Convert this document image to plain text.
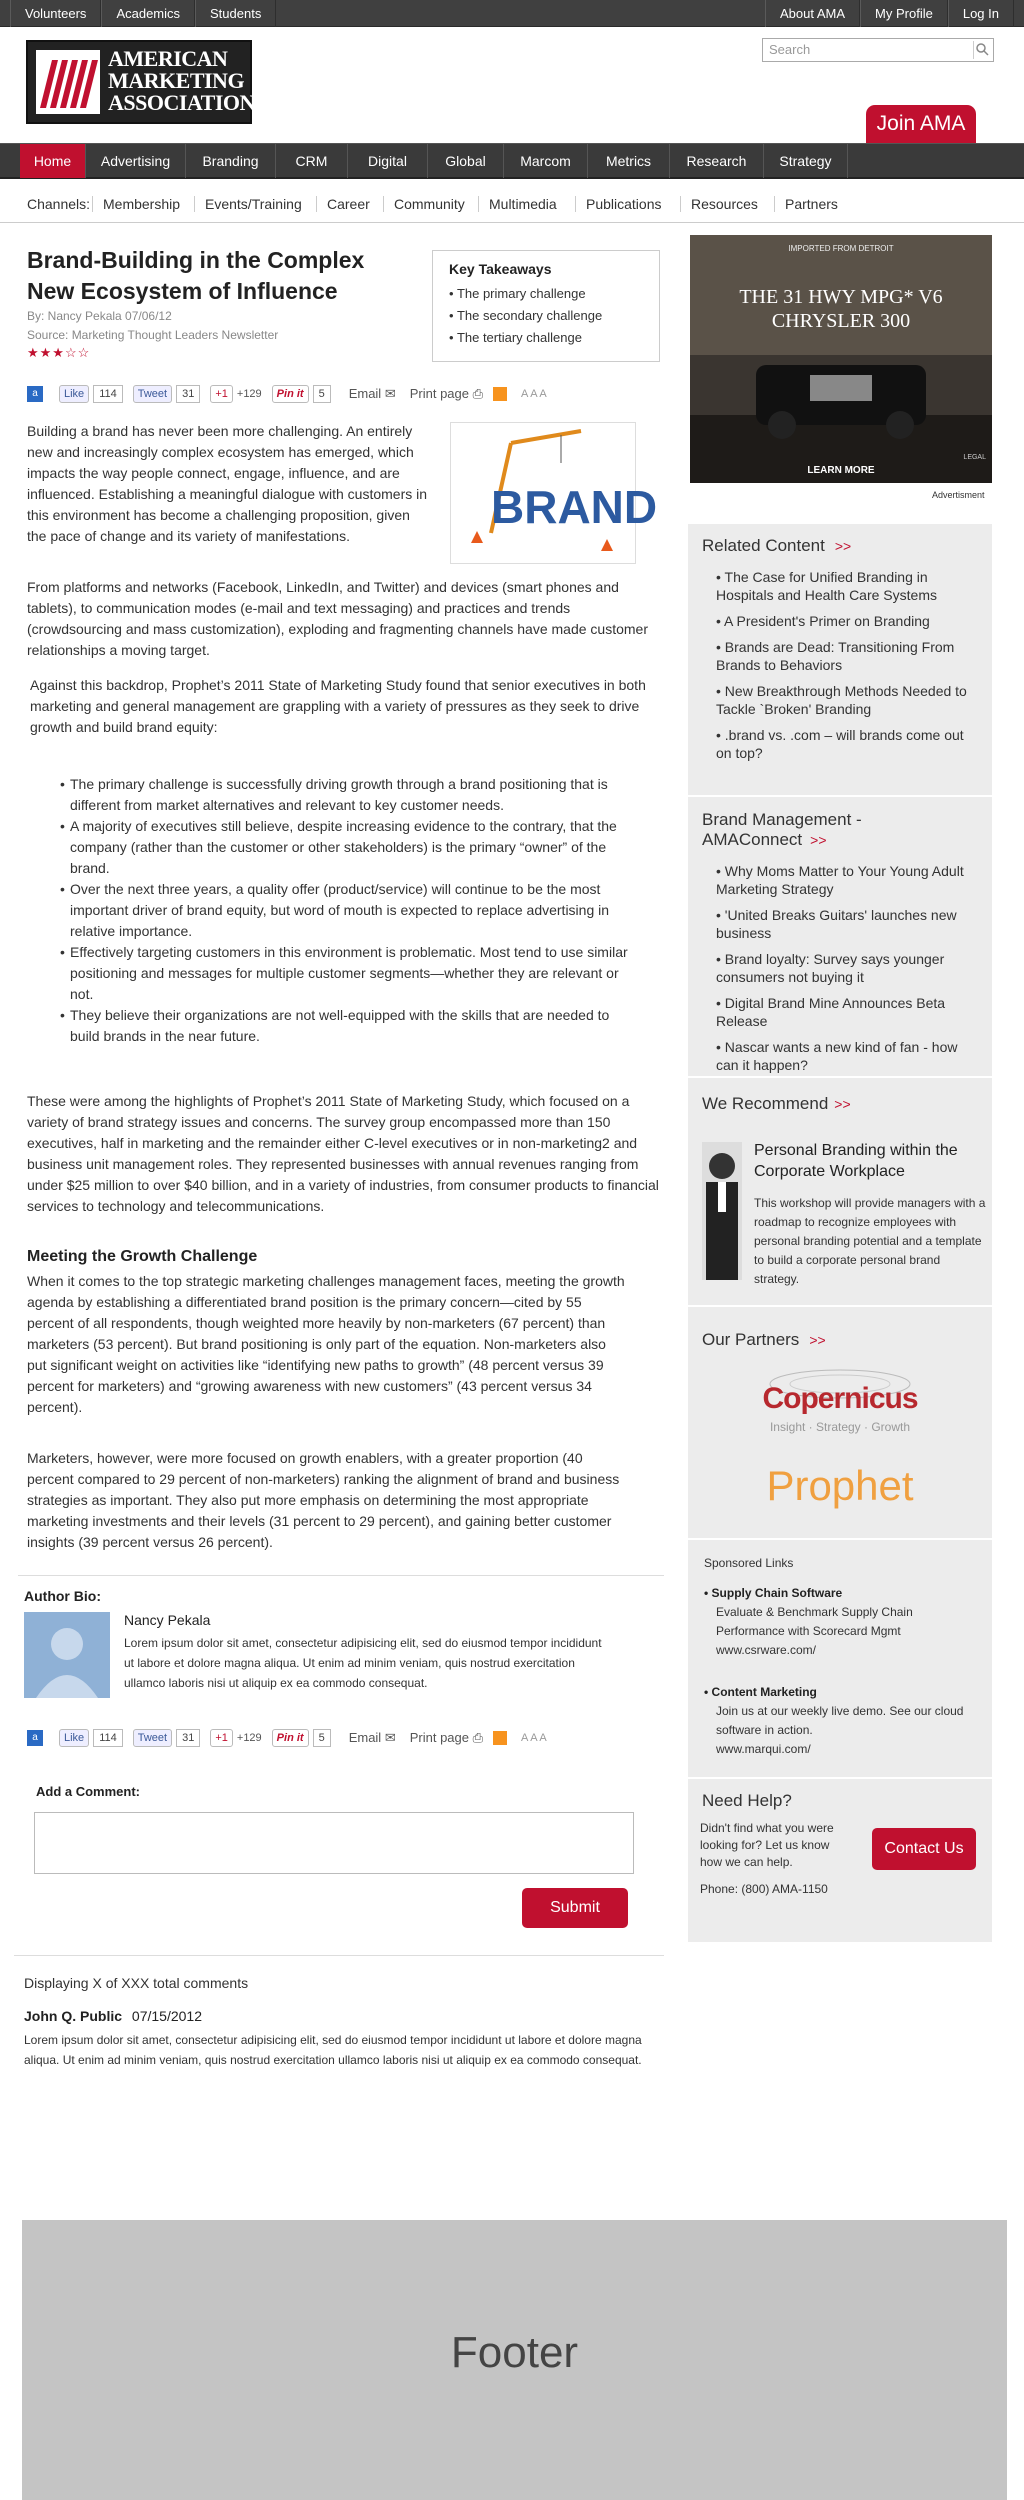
Volunteers	Academics	Students	About AMA	My Profile	Log In
AMERICAN
MARKETING
ASSOCIATION
Search
Join AMA
Home	Advertising	Branding	CRM	Digital	Global	Marcom	Metrics	Research	Strategy
Channels: Membership	Events/Training	Career	Community	Multimedia	Publications	Resources	Partners
Brand-Building in the Complex New Ecosystem of Influence
By: Nancy Pekala 07/06/12
Source: Marketing Thought Leaders Newsletter
★★★☆☆
Key Takeaways
• The primary challenge
• The secondary challenge
• The tertiary challenge
a	Like	114	Tweet	31	+1 +129	Pin it	5	Email ✉ Print page ⎙	A A A

Building a brand has never been more challenging. An entirely new and increasingly complex ecosystem has emerged, which impacts the way people connect, engage, influence, and are influenced. Establishing a meaningful dialogue with customers in this environment has become a challenging proposition, given the pace of change and its variety of manifestations.

BRAND

From platforms and networks (Facebook, LinkedIn, and Twitter) and devices (smart phones and tablets), to communication modes (e-mail and text messaging) and practices and trends (crowdsourcing and mass customization), exploding and fragmenting channels have made customer relationships a moving target.

Against this backdrop, Prophet’s 2011 State of Marketing Study found that senior executives in both marketing and general management are grappling with a variety of pressures as they seek to drive growth and build brand equity:

• The primary challenge is successfully driving growth through a brand positioning that is different from market alternatives and relevant to key customer needs.
• A majority of executives still believe, despite increasing evidence to the contrary, that the company (rather than the customer or other stakeholders) is the primary “owner” of the brand.
• Over the next three years, a quality offer (product/service) will continue to be the most important driver of brand equity, but word of mouth is expected to replace advertising in relative importance.
• Effectively targeting customers in this environment is problematic. Most tend to use similar positioning and messages for multiple customer segments—whether they are relevant or not.
• They believe their organizations are not well-equipped with the skills that are needed to build brands in the near future.

These were among the highlights of Prophet’s 2011 State of Marketing Study, which focused on a variety of brand strategy issues and concerns. The survey group encompassed more than 150 executives, half in marketing and the remainder either C-level executives or in non-marketing2 and business unit management roles. They represented businesses with annual revenues ranging from under $25 million to over $40 billion, and in a variety of industries, from consumer products to financial services to technology and telecommunications.

Meeting the Growth Challenge

When it comes to the top strategic marketing challenges management faces, meeting the growth agenda by establishing a differentiated brand position is the primary concern—cited by 55 percent of all respondents, though weighted more heavily by non-marketers (67 percent) than marketers (53 percent). But brand positioning is only part of the equation. Non-marketers also put significant weight on activities like “identifying new paths to growth” (48 percent versus 39 percent for marketers) and “growing awareness with new customers” (43 percent versus 34 percent).

Marketers, however, were more focused on growth enablers, with a greater proportion (40 percent compared to 29 percent of non-marketers) ranking the alignment of brand and business strategies as important. They also put more emphasis on determining the most appropriate marketing investments and their levels (31 percent to 29 percent), and gaining better customer insights (39 percent versus 26 percent).

Author Bio:
Nancy Pekala

Lorem ipsum dolor sit amet, consectetur adipisicing elit, sed do eiusmod tempor incididunt ut labore et dolore magna aliqua. Ut enim ad minim veniam, quis nostrud exercitation ullamco laboris nisi ut aliquip ex ea commodo consequat.

a	Like	114	Tweet	31	+1 +129	Pin it	5	Email ✉ Print page ⎙	A A A
Add a Comment:
Submit
Displaying X of XXX total comments
John Q. Public 07/15/2012

Lorem ipsum dolor sit amet, consectetur adipisicing elit, sed do eiusmod tempor incididunt ut labore et dolore magna aliqua. Ut enim ad minim veniam, quis nostrud exercitation ullamco laboris nisi ut aliquip ex ea commodo consequat.

IMPORTED FROM DETROIT
THE 31 HWY MPG* V6
CHRYSLER 300
LEARN MORE
LEGAL
Advertisment
Related Content >>
• The Case for Unified Branding in Hospitals and Health Care Systems
• A President's Primer on Branding
• Brands are Dead: Transitioning From Brands to Behaviors
• New Breakthrough Methods Needed to Tackle `Broken' Branding
• .brand vs. .com – will brands come out on top?
Brand Management - AMAConnect >>
• Why Moms Matter to Your Young Adult Marketing Strategy
• 'United Breaks Guitars' launches new business
• Brand loyalty: Survey says younger consumers not buying it
• Digital Brand Mine Announces Beta Release
• Nascar wants a new kind of fan - how can it happen?
We Recommend >>
Personal Branding within the Corporate Workplace

This workshop will provide managers with a roadmap to recognize employees with personal branding potential and a template to build a corporate personal brand strategy.

Our Partners >>
Copernicus
Insight · Strategy · Growth
Prophet
Sponsored Links
• Supply Chain Software
Evaluate & Benchmark Supply Chain Performance with Scorecard Mgmt
www.csrware.com/
• Content Marketing
Join us at our weekly live demo. See our cloud software in action.
www.marqui.com/
Need Help?

Didn't find what you were looking for? Let us know how we can help.

Contact Us
Phone: (800) AMA-1150
Footer
